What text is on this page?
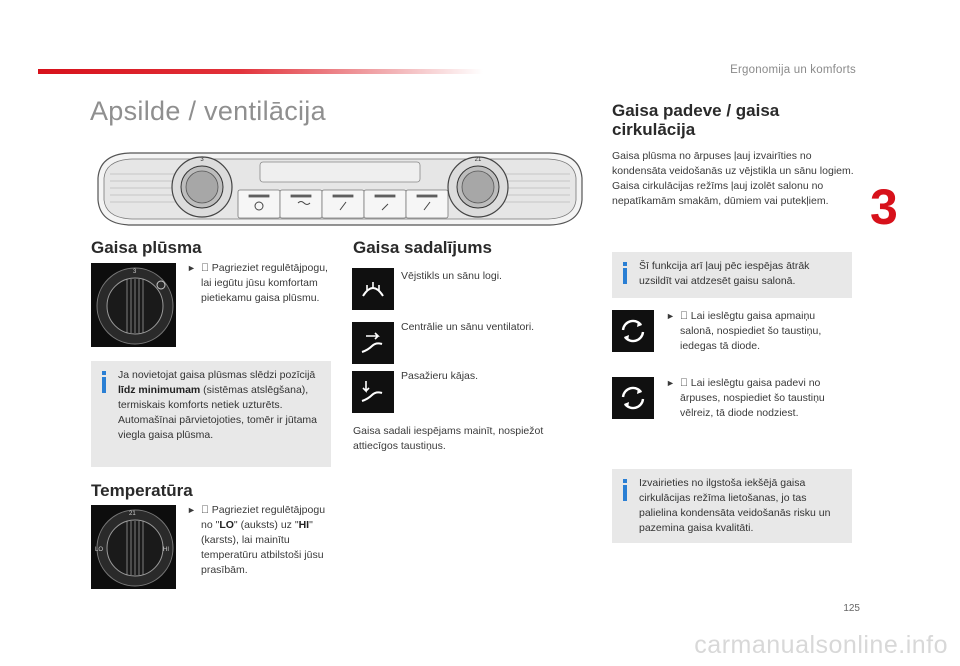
Ergonomija un komforts
3
Apsilde / ventilācija
3	21
Gaisa plūsma
3
	► Pagrieziet regulētājpogu, lai iegūtu jūsu komfortam pietiekamu gaisa plūsmu.
Ja novietojat gaisa plūsmas slēdzi pozīcijā līdz minimumam (sistēmas atslēgšana), termiskais komforts netiek uzturēts. Automašīnai pārvietojoties, tomēr ir jūtama viegla gaisa plūsma.
Temperatūra
21
LO	HI

► Pagrieziet regulētājpogu no "LO" (auksts) uz "HI" (karsts), lai mainītu temperatūru atbilstoši jūsu prasībām.
Gaisa sadalījums
Vējstikls un sānu logi.
Centrālie un sānu ventilatori.
Pasažieru kājas.
Gaisa sadali iespējams mainīt, nospiežot attiecīgos taustiņus.
Gaisa padeve / gaisa
cirkulācija
Gaisa plūsma no ārpuses ļauj izvairīties no kondensāta veidošanās uz vējstikla un sānu logiem.
Gaisa cirkulācijas režīms ļauj izolēt salonu no nepatīkamām smakām, dūmiem vai putekļiem.
Šī funkcija arī ļauj pēc iespējas ātrāk uzsildīt vai atdzesēt gaisu salonā.

► Lai ieslēgtu gaisa apmaiņu salonā, nospiediet šo taustiņu, iedegas tā diode.

► Lai ieslēgtu gaisa padevi no ārpuses, nospiediet šo taustiņu vēlreiz, tā diode nodziest.
Izvairieties no ilgstoša iekšējā gaisa cirkulācijas režīma lietošanas, jo tas palielina kondensāta veidošanās risku un pazemina gaisa kvalitāti.
125
carmanualsonline.info
